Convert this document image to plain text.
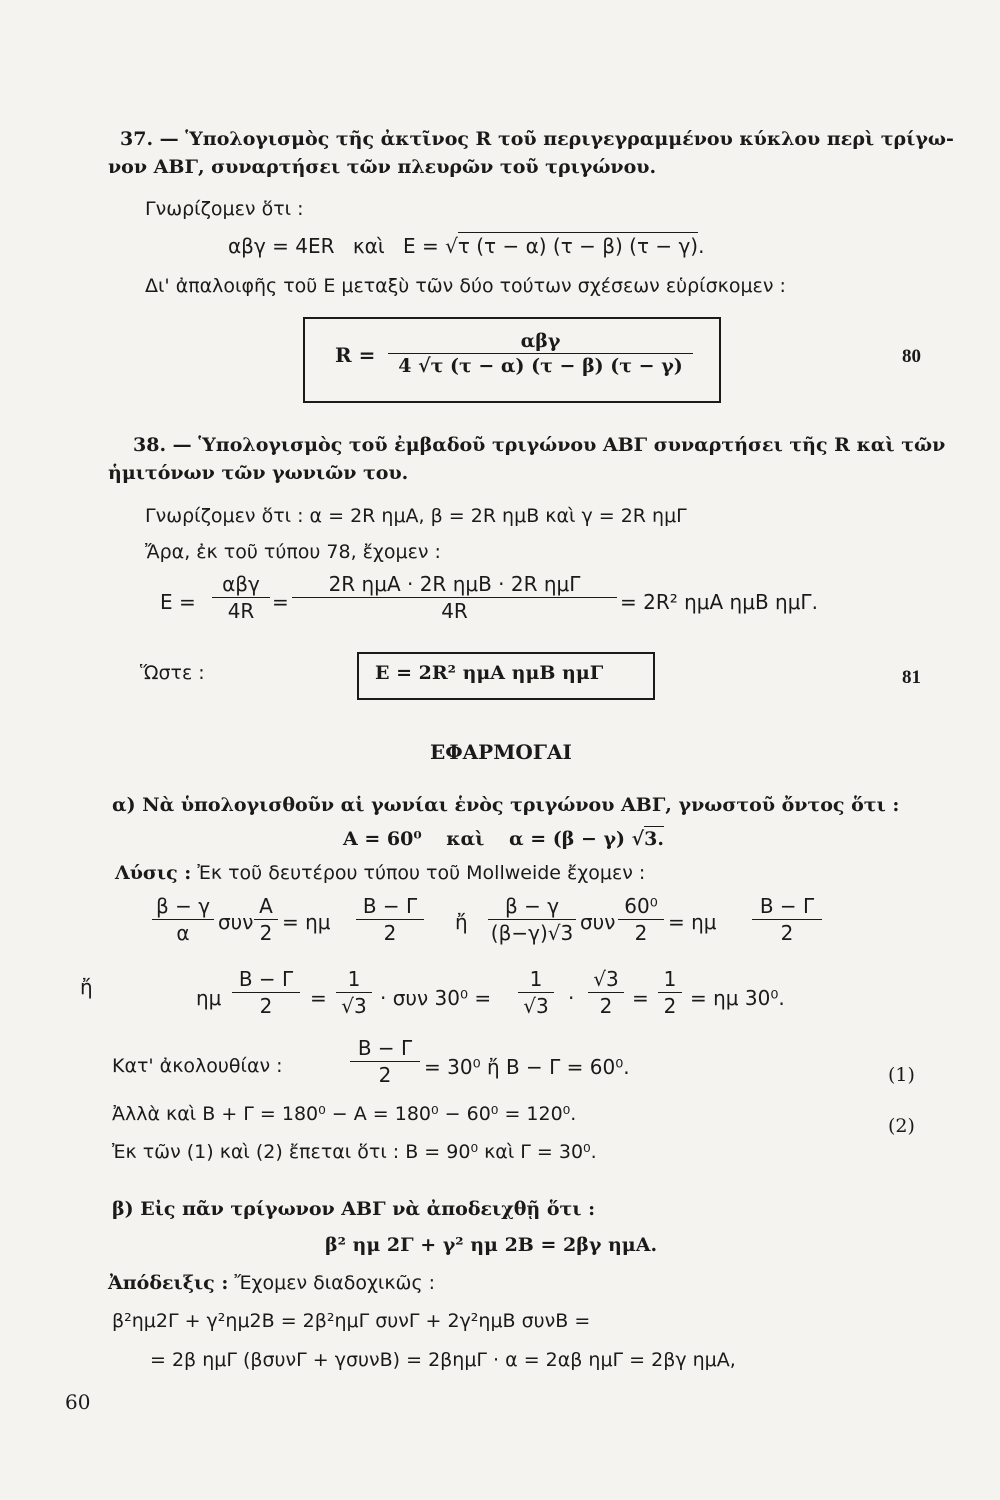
37. — Ὑπολογισμὸς τῆς ἀκτῖνος R τοῦ περιγεγραμμένου κύκλου περὶ τρίγω-
νον ΑΒΓ, συναρτήσει τῶν πλευρῶν τοῦ τριγώνου.
Γνωρίζομεν ὅτι :
αβγ = 4ER καὶ E = √τ (τ − α) (τ − β) (τ − γ).
Δι' ἀπαλοιφῆς τοῦ Ε μεταξὺ τῶν δύο τούτων σχέσεων εὑρίσκομεν :
R =
αβγ
4 √τ (τ − α) (τ − β) (τ − γ)	80
38. — Ὑπολογισμὸς τοῦ ἐμβαδοῦ τριγώνου ΑΒΓ συναρτήσει τῆς R καὶ τῶν
ἡμιτόνων τῶν γωνιῶν του.
Γνωρίζομεν ὅτι : α = 2R ημΑ, β = 2R ημΒ καὶ γ = 2R ημΓ
Ἄρα, ἐκ τοῦ τύπου 78, ἔχομεν :
E =
αβγ
4R =
2R ημΑ · 2R ημΒ · 2R ημΓ
4R	= 2R² ημΑ ημΒ ημΓ.
Ὥστε :	E = 2R² ημΑ ημΒ ημΓ	81
ΕΦΑΡΜΟΓΑΙ
α) Νὰ ὑπολογισθοῦν αἱ γωνίαι ἑνὸς τριγώνου ΑΒΓ, γνωστοῦ ὄντος ὅτι :
A = 60⁰ καὶ α = (β − γ) √3.
Λύσις : Ἐκ τοῦ δευτέρου τύπου τοῦ Mollweide ἔχομεν :
β − γ
α	συν
A
2 = ημ
B − Γ
2	ἤ
β − γ
(β−γ)√3 συν
60⁰
2	= ημ
B − Γ
2
ἤ	ημ
B − Γ
2	=
1
√3 · συν 30⁰ =
1
√3 ·
√3
2 =
1
2 = ημ 30⁰.
Κατ' ἀκολουθίαν :
B − Γ
2	= 30⁰ ἤ B − Γ = 60⁰.	(1)
Ἀλλὰ καὶ B + Γ = 180⁰ − A = 180⁰ − 60⁰ = 120⁰.
(2)
Ἐκ τῶν (1) καὶ (2) ἔπεται ὅτι : B = 90⁰ καὶ Γ = 30⁰.
β) Εἰς πᾶν τρίγωνον ΑΒΓ νὰ ἀποδειχθῇ ὅτι :
β² ημ 2Γ + γ² ημ 2B = 2βγ ημΑ.
Ἀπόδειξις : Ἔχομεν διαδοχικῶς :
β²ημ2Γ + γ²ημ2B = 2β²ημΓ συνΓ + 2γ²ημB συνB =
= 2β ημΓ (βσυνΓ + γσυνB) = 2βημΓ · α = 2αβ ημΓ = 2βγ ημΑ,
60
